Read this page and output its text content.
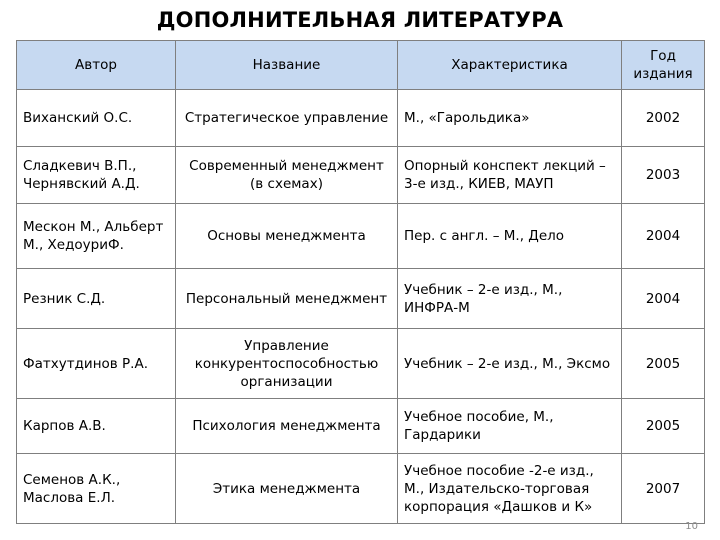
ДОПОЛНИТЕЛЬНАЯ ЛИТЕРАТУРА
Автор	Название	Характеристика	Год издания
Виханский О.С.	Стратегическое управление	М., «Гарольдика»	2002
Сладкевич В.П., Чернявский А.Д.	Современный менеджмент (в схемах)	Опорный конспект лекций – 3-е изд., КИЕВ, МАУП	2003
Мескон М., Альберт М., ХедоуриФ.	Основы менеджмента	Пер. с англ. – М., Дело	2004
Резник С.Д.	Персональный менеджмент	Учебник – 2-е изд., М., ИНФРА-М	2004
Фатхутдинов Р.А.	Управление конкурентоспособностью организации	Учебник – 2-е изд., М., Эксмо	2005
Карпов А.В.	Психология менеджмента	Учебное пособие, М., Гардарики	2005
Семенов А.К., Маслова Е.Л.	Этика менеджмента	Учебное пособие -2-е изд., М., Издательско-торговая корпорация «Дашков и К»	2007
10
